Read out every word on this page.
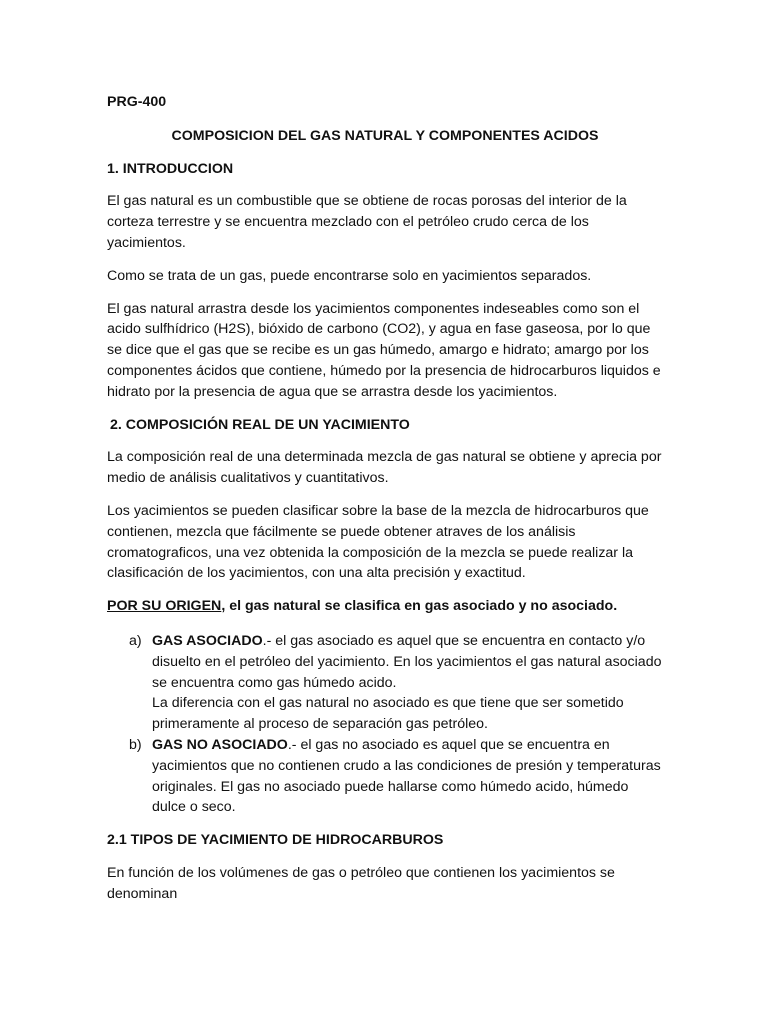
PRG-400
COMPOSICION DEL GAS NATURAL Y COMPONENTES ACIDOS
1. INTRODUCCION

El gas natural es un combustible que se obtiene de rocas porosas del interior de la corteza terrestre y se encuentra mezclado con el petróleo crudo cerca de los yacimientos.

Como se trata de un gas, puede encontrarse solo en yacimientos separados.

El gas natural arrastra desde los yacimientos componentes indeseables como son el acido sulfhídrico (H2S), bióxido de carbono (CO2), y agua en fase gaseosa, por lo que se dice que el gas que se recibe es un gas húmedo, amargo e hidrato; amargo por los componentes ácidos que contiene, húmedo por la presencia de hidrocarburos liquidos e hidrato por la presencia de agua que se arrastra desde los yacimientos.

2. COMPOSICIÓN REAL DE UN YACIMIENTO

La composición real de una determinada mezcla de gas natural se obtiene y aprecia por medio de análisis cualitativos y cuantitativos.

Los yacimientos se pueden clasificar sobre la base de la mezcla de hidrocarburos que contienen, mezcla que fácilmente se puede obtener atraves de los análisis cromatograficos, una vez obtenida la composición de la mezcla se puede realizar la clasificación de los yacimientos, con una alta precisión y exactitud.

POR SU ORIGEN, el gas natural se clasifica en gas asociado y no asociado.
a) GAS ASOCIADO.- el gas asociado es aquel que se encuentra en contacto y/o disuelto en el petróleo del yacimiento. En los yacimientos el gas natural asociado se encuentra como gas húmedo acido.
La diferencia con el gas natural no asociado es que tiene que ser sometido primeramente al proceso de separación gas petróleo.
b) GAS NO ASOCIADO.- el gas no asociado es aquel que se encuentra en yacimientos que no contienen crudo a las condiciones de presión y temperaturas originales. El gas no asociado puede hallarse como húmedo acido, húmedo dulce o seco.
2.1 TIPOS DE YACIMIENTO DE HIDROCARBUROS

En función de los volúmenes de gas o petróleo que contienen los yacimientos se denominan
